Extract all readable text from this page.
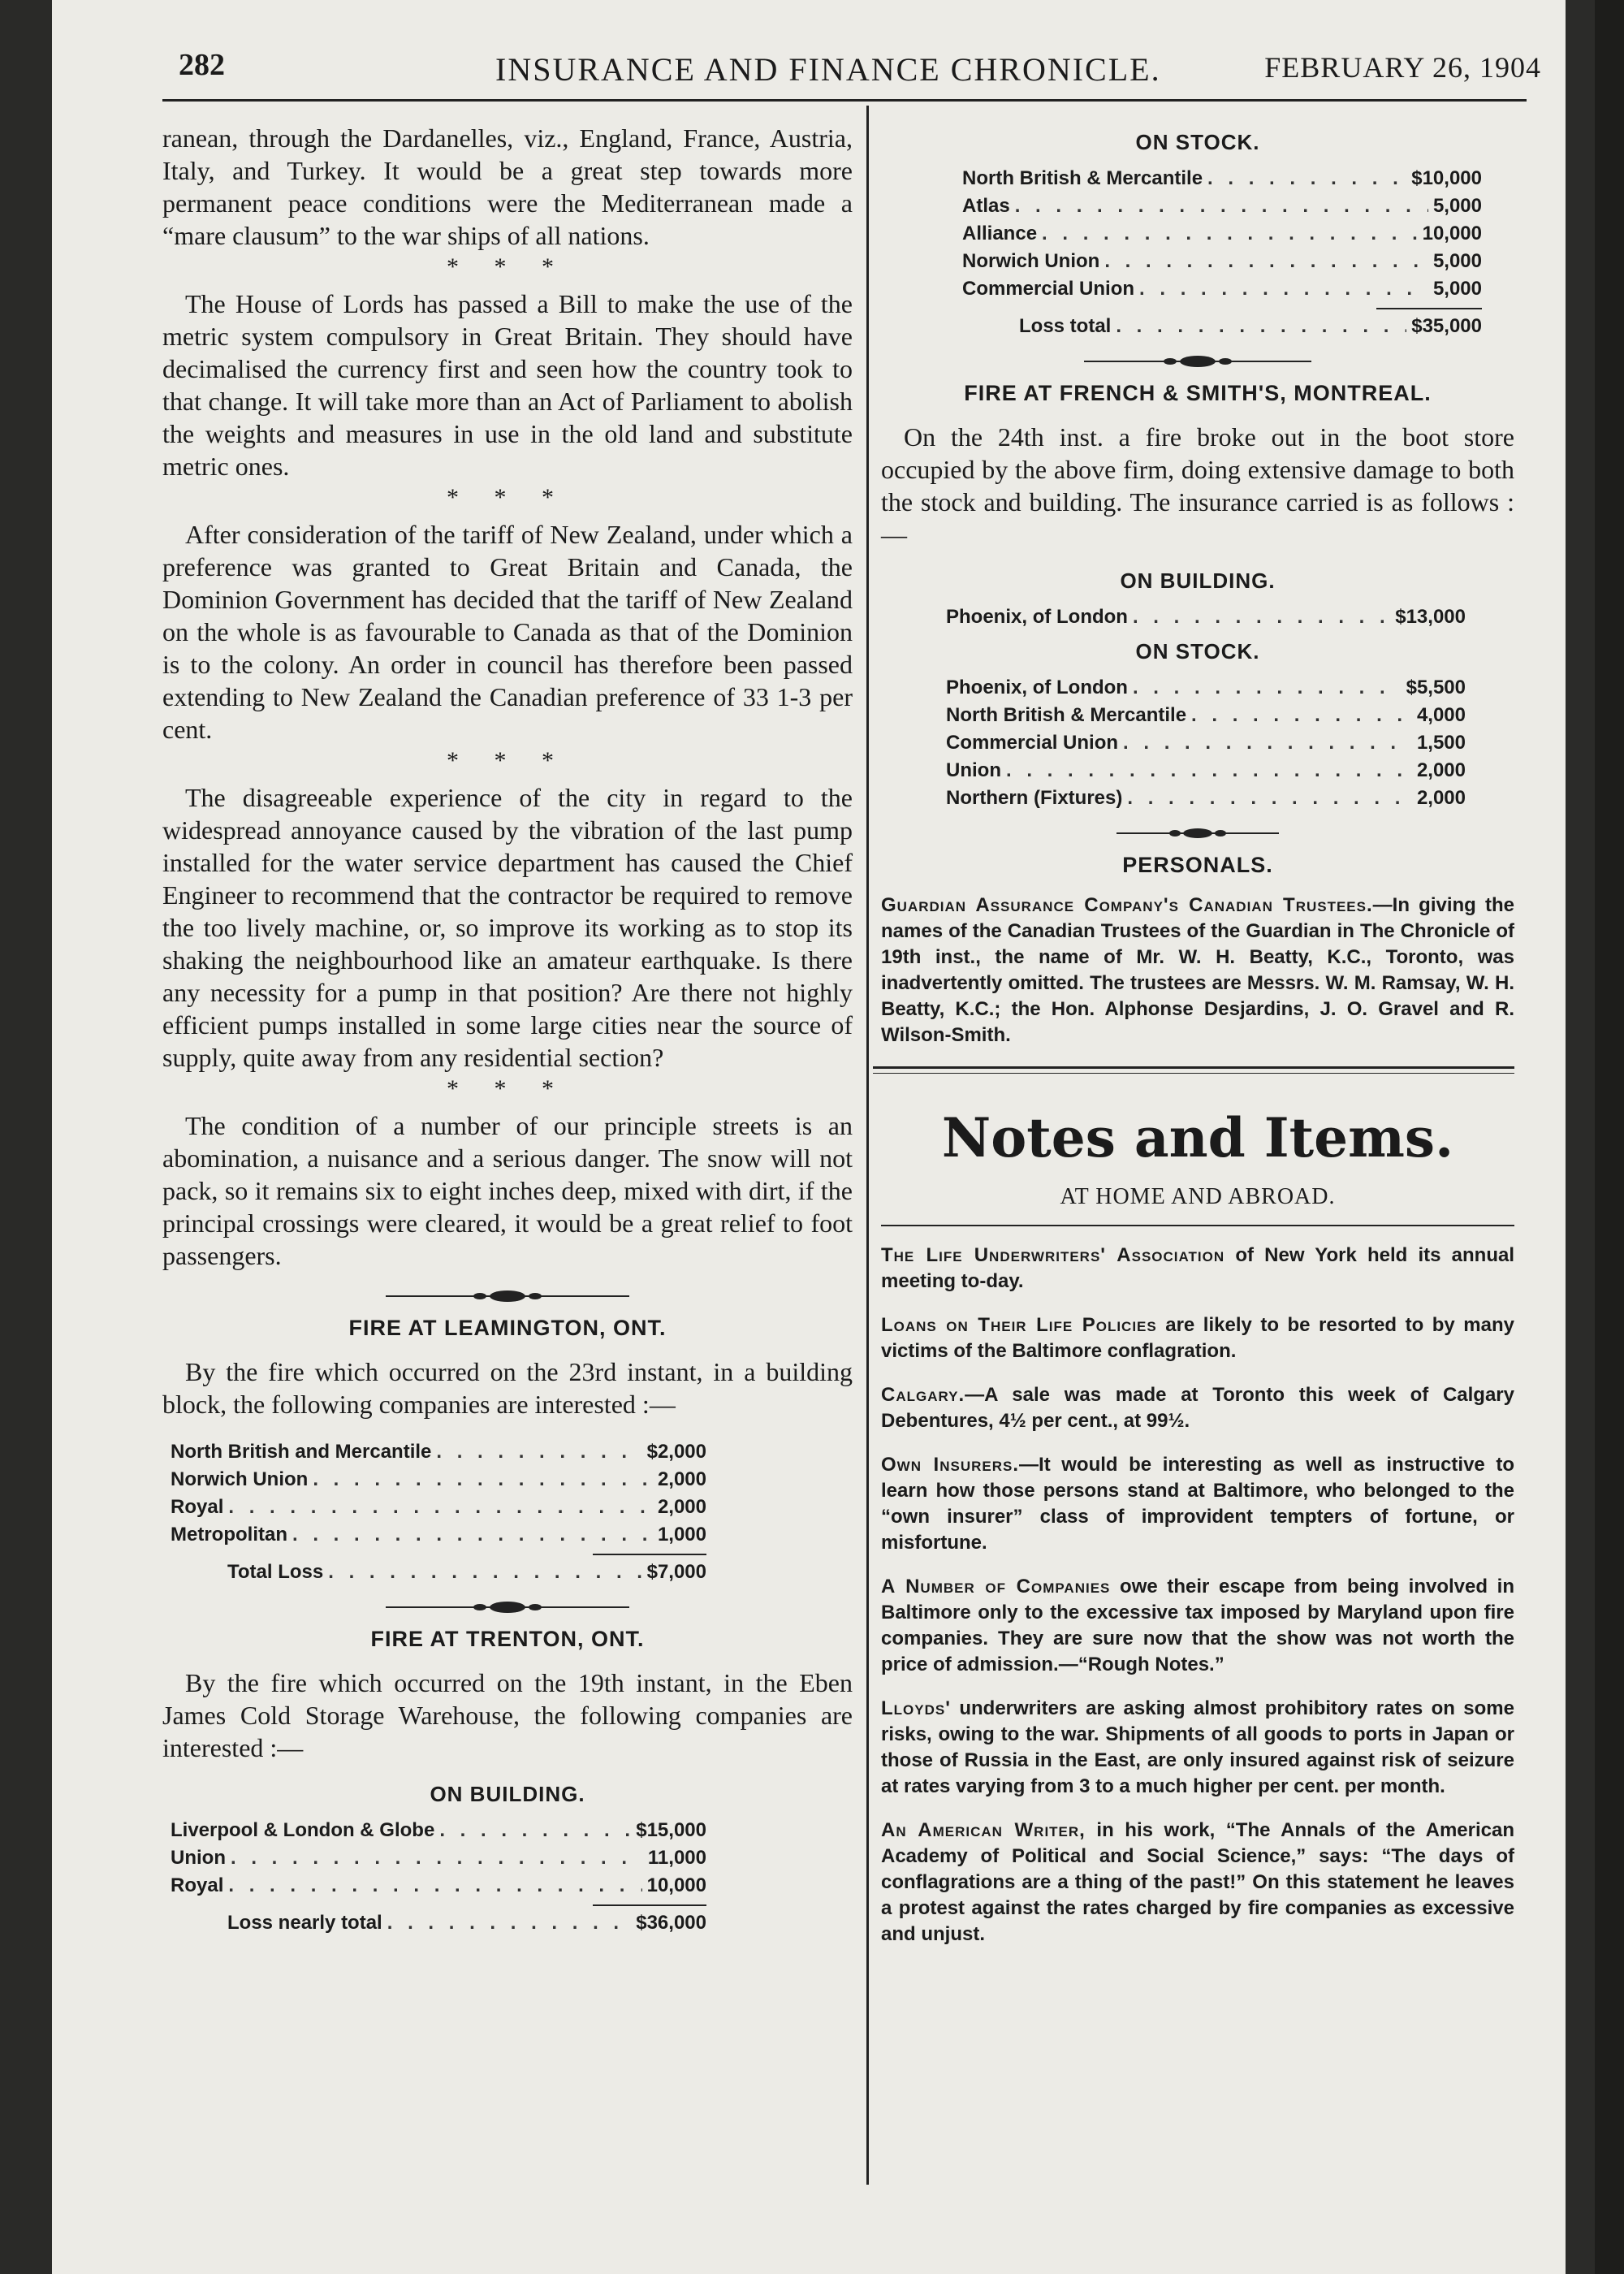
282	INSURANCE AND FINANCE CHRONICLE.	FEBRUARY 26, 1904

ranean, through the Dardanelles, viz., England, France, Austria, Italy, and Turkey. It would be a great step towards more permanent peace conditions were the Mediterranean made a “mare clausum” to the war ships of all nations.

* * *

The House of Lords has passed a Bill to make the use of the metric system compulsory in Great Britain. They should have decimalised the currency first and seen how the country took to that change. It will take more than an Act of Parliament to abolish the weights and measures in use in the old land and substitute metric ones.

* * *

After consideration of the tariff of New Zealand, under which a preference was granted to Great Britain and Canada, the Dominion Government has decided that the tariff of New Zealand on the whole is as favourable to Canada as that of the Dominion is to the colony. An order in council has therefore been passed extending to New Zealand the Canadian preference of 33 1-3 per cent.

* * *

The disagreeable experience of the city in regard to the widespread annoyance caused by the vibration of the last pump installed for the water service department has caused the Chief Engineer to recommend that the contractor be required to remove the too lively machine, or, so improve its working as to stop its shaking the neighbourhood like an amateur earthquake. Is there any necessity for a pump in that position? Are there not highly efficient pumps installed in some large cities near the source of supply, quite away from any residential section?

* * *

The condition of a number of our principle streets is an abomination, a nuisance and a serious danger. The snow will not pack, so it remains six to eight inches deep, mixed with dirt, if the principal crossings were cleared, it would be a great relief to foot passengers.

FIRE AT LEAMINGTON, ONT.

By the fire which occurred on the 23rd instant, in a building block, the following companies are interested :—

North British and Mercantile . . .	$2,000
Norwich Union . . .	2,000
Royal . . .	2,000
Metropolitan . . .	1,000
Total Loss . . .	$7,000
FIRE AT TRENTON, ONT.

By the fire which occurred on the 19th instant, in the Eben James Cold Storage Warehouse, the following companies are interested :—

ON BUILDING.
Liverpool & London & Globe . . .	$15,000
Union . . .	11,000
Royal . . .	10,000
Loss nearly total . . .	$36,000
ON STOCK.
North British & Mercantile . . .	$10,000
Atlas . . .	5,000
Alliance . . .	10,000
Norwich Union . . .	5,000
Commercial Union . . .	5,000
Loss total . . .	$35,000
FIRE AT FRENCH & SMITH'S, MONTREAL.

On the 24th inst. a fire broke out in the boot store occupied by the above firm, doing extensive damage to both the stock and building. The insurance carried is as follows :—

ON BUILDING.
Phoenix, of London . . .	$13,000
ON STOCK.
Phoenix, of London . . .	$5,500
North British & Mercantile . . .	4,000
Commercial Union . . .	1,500
Union . . .	2,000
Northern (Fixtures) . . .	2,000
PERSONALS.

Guardian Assurance Company's Canadian Trustees.—In giving the names of the Canadian Trustees of the Guardian in The Chronicle of 19th inst., the name of Mr. W. H. Beatty, K.C., Toronto, was inadvertently omitted. The trustees are Messrs. W. M. Ramsay, W. H. Beatty, K.C.; the Hon. Alphonse Desjardins, J. O. Gravel and R. Wilson-Smith.

Notes and Items.
AT HOME AND ABROAD.

The Life Underwriters' Association of New York held its annual meeting to-day.

Loans on Their Life Policies are likely to be resorted to by many victims of the Baltimore conflagration.

Calgary.—A sale was made at Toronto this week of Calgary Debentures, 4½ per cent., at 99½.

Own Insurers.—It would be interesting as well as instructive to learn how those persons stand at Baltimore, who belonged to the “own insurer” class of improvident tempters of fortune, or misfortune.

A Number of Companies owe their escape from being involved in Baltimore only to the excessive tax imposed by Maryland upon fire companies. They are sure now that the show was not worth the price of admission.—“Rough Notes.”

Lloyds' underwriters are asking almost prohibitory rates on some risks, owing to the war. Shipments of all goods to ports in Japan or those of Russia in the East, are only insured against risk of seizure at rates varying from 3 to a much higher per cent. per month.

An American Writer, in his work, “The Annals of the American Academy of Political and Social Science,” says: “The days of conflagrations are a thing of the past!” On this statement he leaves a protest against the rates charged by fire companies as excessive and unjust.
